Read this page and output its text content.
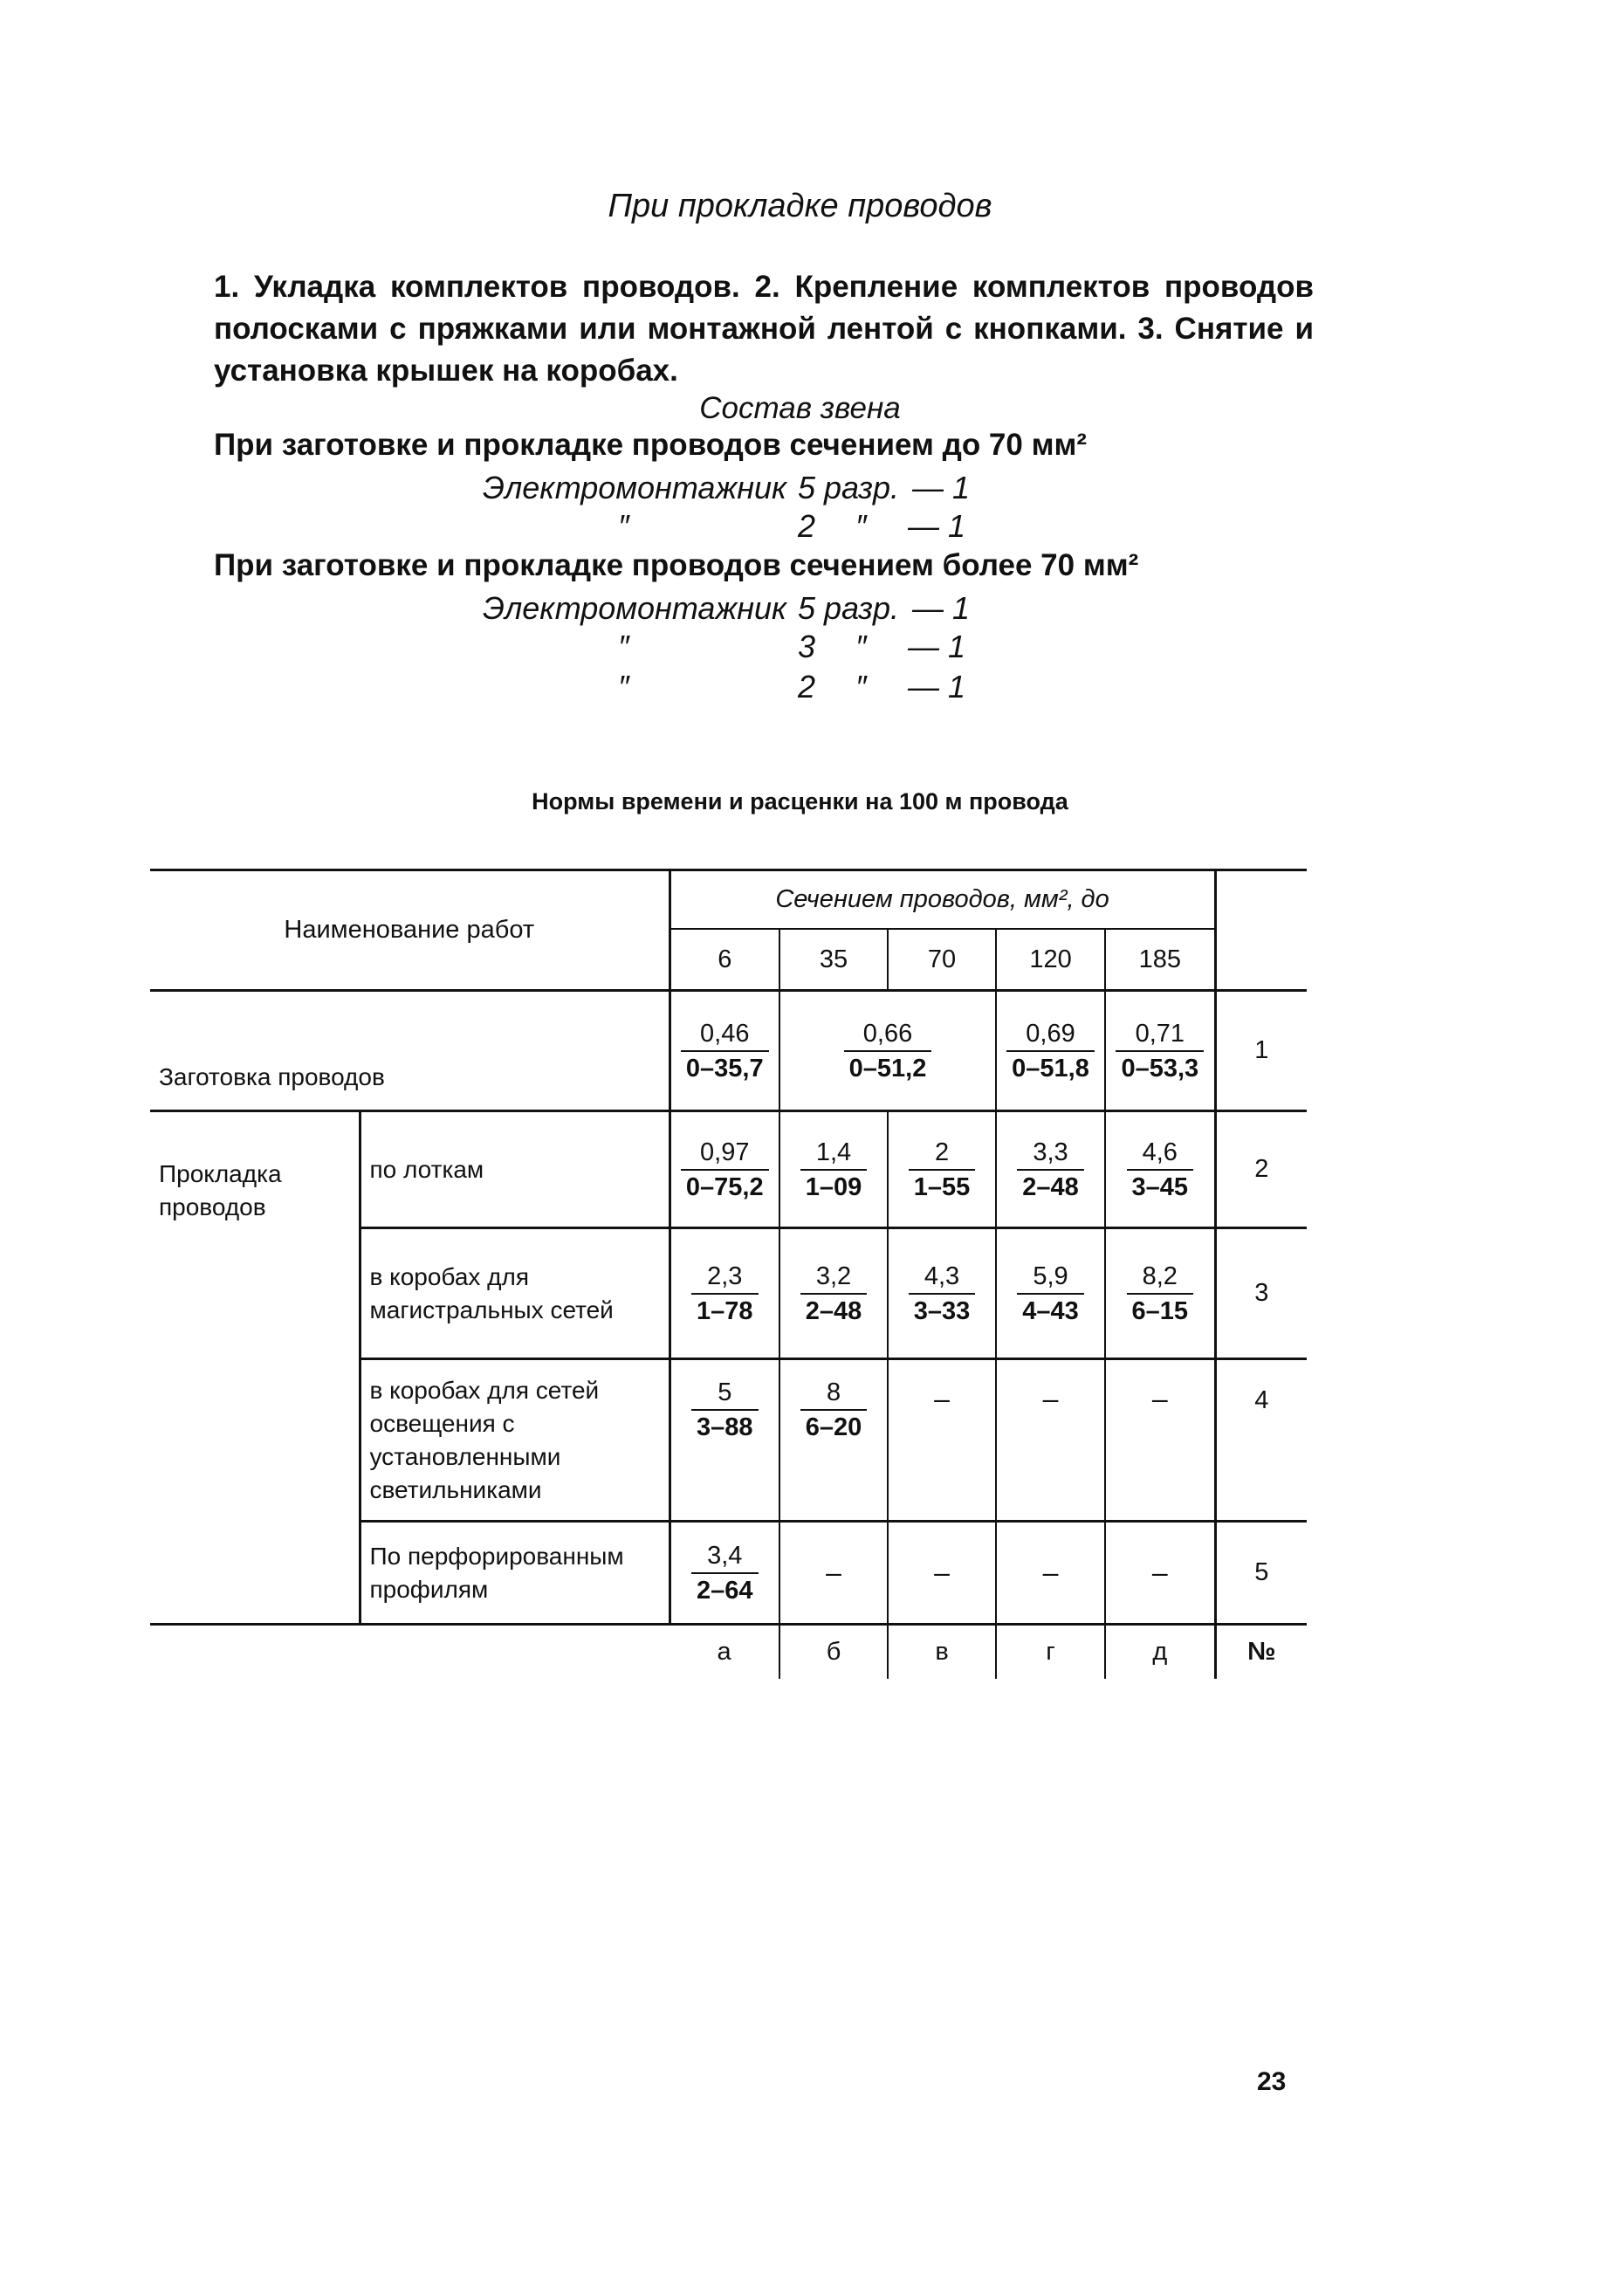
При прокладке проводов
1. Укладка комплектов проводов. 2. Крепление комплектов проводов полосками с пряжками или монтажной лентой с кнопками. 3. Снятие и установка крышек на коробах.
Состав звена
При заготовке и прокладке проводов сечением до 70 мм²
Электромонтажник 5 разр. — 1
″	2 ″ — 1
При заготовке и прокладке проводов сечением более 70 мм²
Электромонтажник 5 разр. — 1
″	3 ″ — 1
″	2 ″ — 1
Нормы времени и расценки на 100 м провода
Наименование работ		Сечением проводов, мм², до					
		6	35	70	120	185	
Заготовка проводов		$\frac{0,46}{0-35,7}$	$\frac{0,66}{0-51,2}$		$\frac{0,69}{0-51,8}$	$\frac{0,71}{0-53,3}$	1
Прокладка проводов	по лоткам	$\frac{0,97}{0-75,2}$	$\frac{1,4}{1-09}$	$\frac{2}{1-55}$	$\frac{3,3}{2-48}$	$\frac{4,6}{3-45}$	2
	в коробах для магистральных сетей	$\frac{2,3}{1-78}$	$\frac{3,2}{2-48}$	$\frac{4,3}{3-33}$	$\frac{5,9}{4-43}$	$\frac{8,2}{6-15}$	3
	в коробах для сетей освещения с установленными светильниками	$\frac{5}{3-88}$	$\frac{8}{6-20}$	–	–	–	4
	По перфорированным профилям	$\frac{3,4}{2-64}$	–	–	–	–	5
		а	б	в	г	д	№
23
